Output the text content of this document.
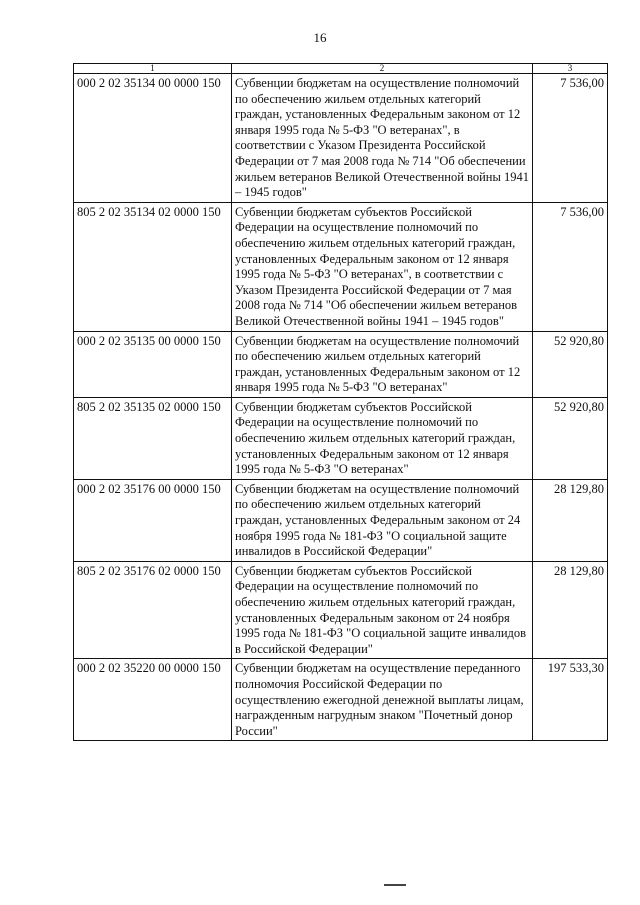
16
1	2	3
000 2 02 35134 00 0000 150	Субвенции бюджетам на осуществление полномочий по обеспечению жильем отдельных категорий граждан, установленных Федеральным законом от 12 января 1995 года № 5-ФЗ "О ветеранах", в соответствии с Указом Президента Российской Федерации от 7 мая 2008 года № 714 "Об обеспечении жильем ветеранов Великой Отечественной войны 1941 – 1945 годов"	7 536,00
805 2 02 35134 02 0000 150	Субвенции бюджетам субъектов Российской Федерации на осуществление полномочий по обеспечению жильем отдельных категорий граждан, установленных Федеральным законом от 12 января 1995 года № 5-ФЗ "О ветеранах", в соответствии с Указом Президента Российской Федерации от 7 мая 2008 года № 714 "Об обеспечении жильем ветеранов Великой Отечественной войны 1941 – 1945 годов"	7 536,00
000 2 02 35135 00 0000 150	Субвенции бюджетам на осуществление полномочий по обеспечению жильем отдельных категорий граждан, установленных Федеральным законом от 12 января 1995 года № 5-ФЗ "О ветеранах"	52 920,80
805 2 02 35135 02 0000 150	Субвенции бюджетам субъектов Российской Федерации на осуществление полномочий по обеспечению жильем отдельных категорий граждан, установленных Федеральным законом от 12 января 1995 года № 5-ФЗ "О ветеранах"	52 920,80
000 2 02 35176 00 0000 150	Субвенции бюджетам на осуществление полномочий по обеспечению жильем отдельных категорий граждан, установленных Федеральным законом от 24 ноября 1995 года № 181-ФЗ "О социальной защите инвалидов в Российской Федерации"	28 129,80
805 2 02 35176 02 0000 150	Субвенции бюджетам субъектов Российской Федерации на осуществление полномочий по обеспечению жильем отдельных категорий граждан, установленных Федеральным законом от 24 ноября 1995 года № 181-ФЗ "О социальной защите инвалидов в Российской Федерации"	28 129,80
000 2 02 35220 00 0000 150	Субвенции бюджетам на осуществление переданного полномочия Российской Федерации по осуществлению ежегодной денежной выплаты лицам, награжденным нагрудным знаком "Почетный донор России"	197 533,30
